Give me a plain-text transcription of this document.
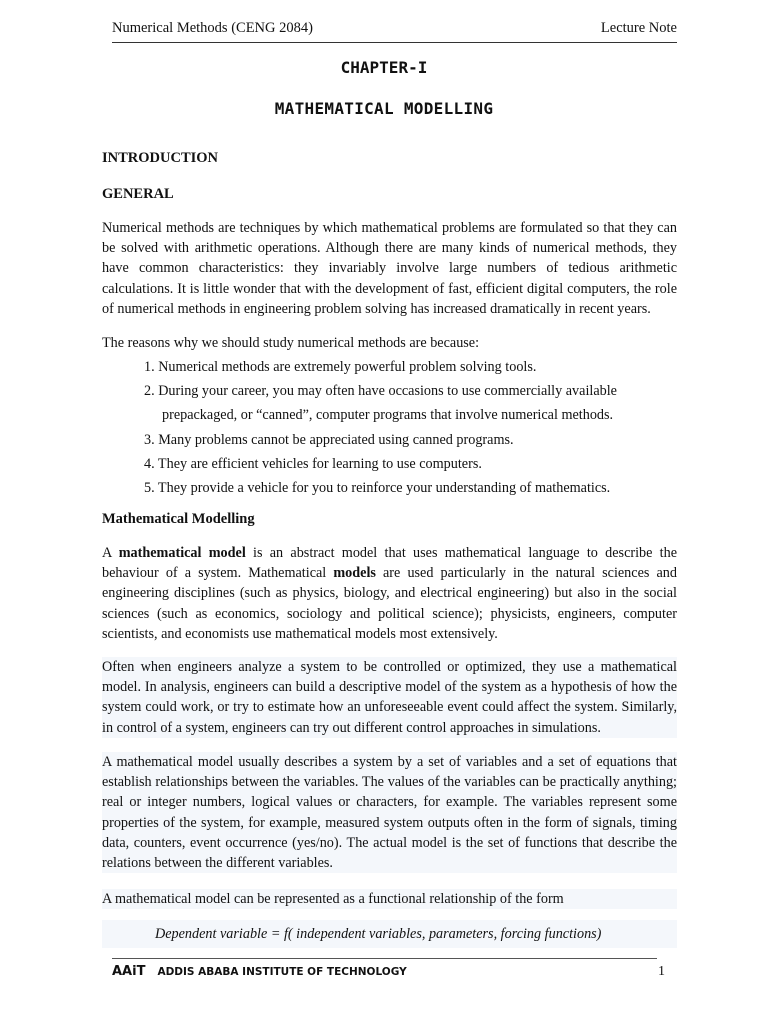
Numerical Methods (CENG 2084)	Lecture Note
CHAPTER-I
MATHEMATICAL MODELLING
INTRODUCTION
GENERAL

Numerical methods are techniques by which mathematical problems are formulated so that they can be solved with arithmetic operations. Although there are many kinds of numerical methods, they have common characteristics: they invariably involve large numbers of tedious arithmetic calculations. It is little wonder that with the development of fast, efficient digital computers, the role of numerical methods in engineering problem solving has increased dramatically in recent years.

The reasons why we should study numerical methods are because:

1. Numerical methods are extremely powerful problem solving tools.
2. During your career, you may often have occasions to use commercially available
prepackaged, or “canned”, computer programs that involve numerical methods.
3. Many problems cannot be appreciated using canned programs.
4. They are efficient vehicles for learning to use computers.
5. They provide a vehicle for you to reinforce your understanding of mathematics.
Mathematical Modelling

A mathematical model is an abstract model that uses mathematical language to describe the behaviour of a system. Mathematical models are used particularly in the natural sciences and engineering disciplines (such as physics, biology, and electrical engineering) but also in the social sciences (such as economics, sociology and political science); physicists, engineers, computer scientists, and economists use mathematical models most extensively.

Often when engineers analyze a system to be controlled or optimized, they use a mathematical model. In analysis, engineers can build a descriptive model of the system as a hypothesis of how the system could work, or try to estimate how an unforeseeable event could affect the system. Similarly, in control of a system, engineers can try out different control approaches in simulations.

A mathematical model usually describes a system by a set of variables and a set of equations that establish relationships between the variables. The values of the variables can be practically anything; real or integer numbers, logical values or characters, for example. The variables represent some properties of the system, for example, measured system outputs often in the form of signals, timing data, counters, event occurrence (yes/no). The actual model is the set of functions that describe the relations between the different variables.

A mathematical model can be represented as a functional relationship of the form

Dependent variable = f( independent variables, parameters, forcing functions)
AAiT ADDIS ABABA INSTITUTE OF TECHNOLOGY	1
